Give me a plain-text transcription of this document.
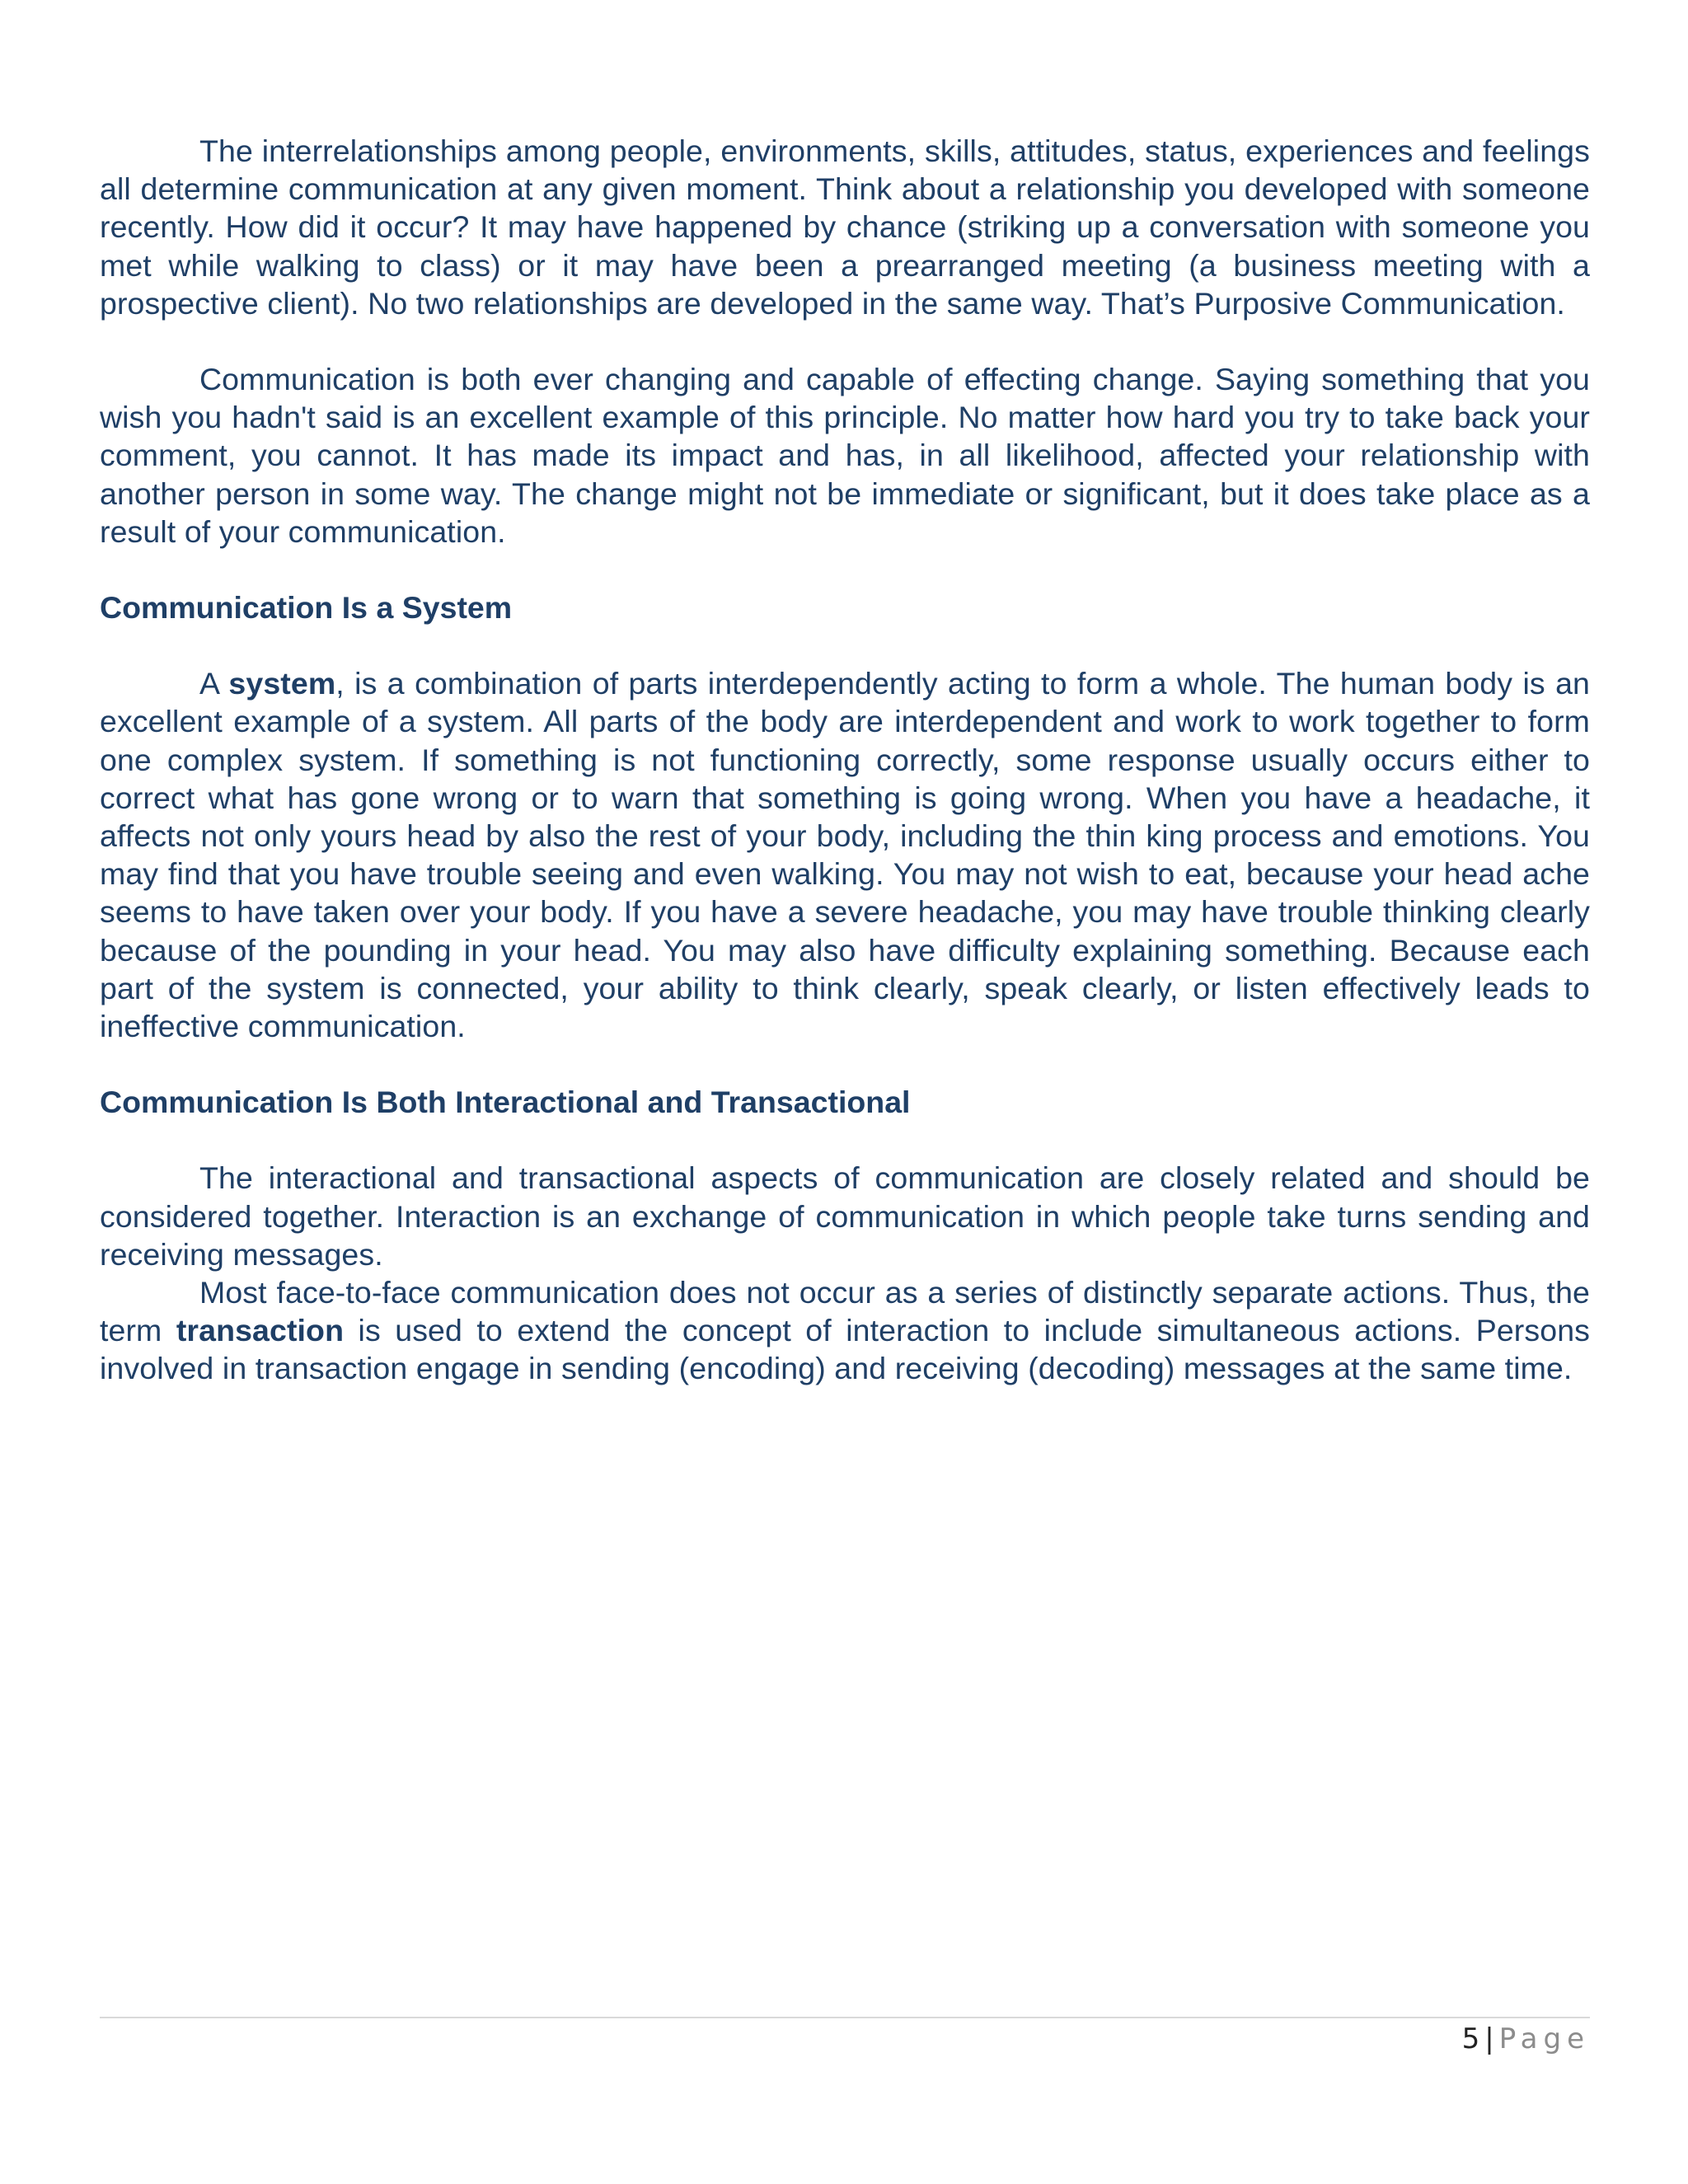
The interrelationships among people, environments, skills, attitudes, status, experiences and feelings all determine communication at any given moment. Think about a relationship you developed with someone recently. How did it occur? It may have happened by chance (striking up a conversation with someone you met while walking to class) or it may have been a prearranged meeting (a business meeting with a prospective client). No two relationships are developed in the same way. That’s Purposive Communication.

Communication is both ever changing and capable of effecting change. Saying something that you wish you hadn't said is an excellent example of this principle. No matter how hard you try to take back your comment, you cannot. It has made its impact and has, in all likelihood, affected your relationship with another person in some way. The change might not be immediate or significant, but it does take place as a result of your communication.

Communication Is a System

A system, is a combination of parts interdependently acting to form a whole. The human body is an excellent example of a system. All parts of the body are interdependent and work to work together to form one complex system. If something is not functioning correctly, some response usually occurs either to correct what has gone wrong or to warn that something is going wrong. When you have a headache, it affects not only yours head by also the rest of your body, including the thin king process and emotions. You may find that you have trouble seeing and even walking. You may not wish to eat, because your head ache seems to have taken over your body. If you have a severe headache, you may have trouble thinking clearly because of the pounding in your head. You may also have difficulty explaining something. Because each part of the system is connected, your ability to think clearly, speak clearly, or listen effectively leads to ineffective communication.

Communication Is Both Interactional and Transactional

The interactional and transactional aspects of communication are closely related and should be considered together. Interaction is an exchange of communication in which people take turns sending and receiving messages.

Most face-to-face communication does not occur as a series of distinctly separate actions. Thus, the term transaction is used to extend the concept of interaction to include simultaneous actions. Persons involved in transaction engage in sending (encoding) and receiving (decoding) messages at the same time.

5 | Page
